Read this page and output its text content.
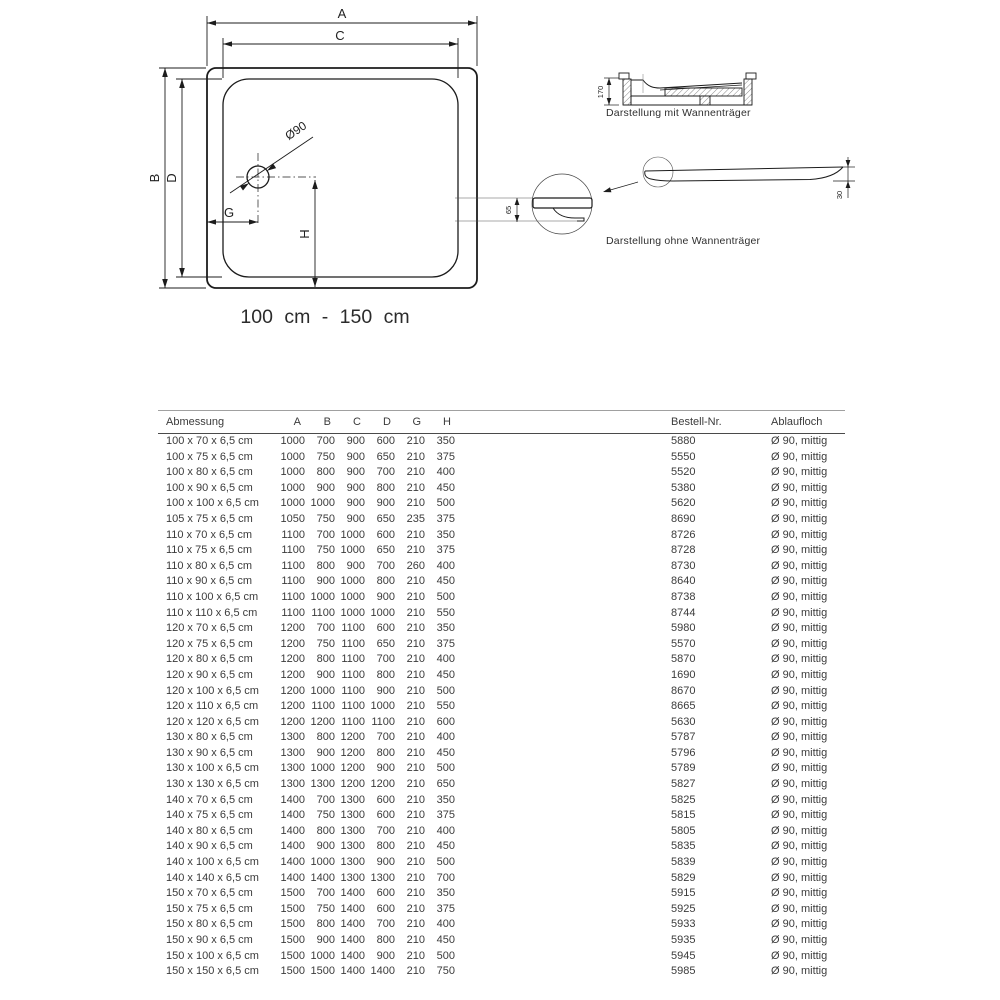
A
C
B D
G
H
Ø90
100 cm - 150 cm
170
Darstellung mit Wannenträger
65
30
Darstellung ohne Wannenträger
Abmessung	A	B	C	D	G	H		Bestell-Nr.	Ablaufloch
100 x 70 x 6,5 cm	1000	700	900	600	210	350		5880	Ø 90, mittig
100 x 75 x 6,5 cm	1000	750	900	650	210	375		5550	Ø 90, mittig
100 x 80 x 6,5 cm	1000	800	900	700	210	400		5520	Ø 90, mittig
100 x 90 x 6,5 cm	1000	900	900	800	210	450		5380	Ø 90, mittig
100 x 100 x 6,5 cm	1000	1000	900	900	210	500		5620	Ø 90, mittig
105 x 75 x 6,5 cm	1050	750	900	650	235	375		8690	Ø 90, mittig
110 x 70 x 6,5 cm	1100	700	1000	600	210	350		8726	Ø 90, mittig
110 x 75 x 6,5 cm	1100	750	1000	650	210	375		8728	Ø 90, mittig
110 x 80 x 6,5 cm	1100	800	900	700	260	400		8730	Ø 90, mittig
110 x 90 x 6,5 cm	1100	900	1000	800	210	450		8640	Ø 90, mittig
110 x 100 x 6,5 cm	1100	1000	1000	900	210	500		8738	Ø 90, mittig
110 x 110 x 6,5 cm	1100	1100	1000	1000	210	550		8744	Ø 90, mittig
120 x 70 x 6,5 cm	1200	700	1100	600	210	350		5980	Ø 90, mittig
120 x 75 x 6,5 cm	1200	750	1100	650	210	375		5570	Ø 90, mittig
120 x 80 x 6,5 cm	1200	800	1100	700	210	400		5870	Ø 90, mittig
120 x 90 x 6,5 cm	1200	900	1100	800	210	450		1690	Ø 90, mittig
120 x 100 x 6,5 cm	1200	1000	1100	900	210	500		8670	Ø 90, mittig
120 x 110 x 6,5 cm	1200	1100	1100	1000	210	550		8665	Ø 90, mittig
120 x 120 x 6,5 cm	1200	1200	1100	1100	210	600		5630	Ø 90, mittig
130 x 80 x 6,5 cm	1300	800	1200	700	210	400		5787	Ø 90, mittig
130 x 90 x 6,5 cm	1300	900	1200	800	210	450		5796	Ø 90, mittig
130 x 100 x 6,5 cm	1300	1000	1200	900	210	500		5789	Ø 90, mittig
130 x 130 x 6,5 cm	1300	1300	1200	1200	210	650		5827	Ø 90, mittig
140 x 70 x 6,5 cm	1400	700	1300	600	210	350		5825	Ø 90, mittig
140 x 75 x 6,5 cm	1400	750	1300	600	210	375		5815	Ø 90, mittig
140 x 80 x 6,5 cm	1400	800	1300	700	210	400		5805	Ø 90, mittig
140 x 90 x 6,5 cm	1400	900	1300	800	210	450		5835	Ø 90, mittig
140 x 100 x 6,5 cm	1400	1000	1300	900	210	500		5839	Ø 90, mittig
140 x 140 x 6,5 cm	1400	1400	1300	1300	210	700		5829	Ø 90, mittig
150 x 70 x 6,5 cm	1500	700	1400	600	210	350		5915	Ø 90, mittig
150 x 75 x 6,5 cm	1500	750	1400	600	210	375		5925	Ø 90, mittig
150 x 80 x 6,5 cm	1500	800	1400	700	210	400		5933	Ø 90, mittig
150 x 90 x 6,5 cm	1500	900	1400	800	210	450		5935	Ø 90, mittig
150 x 100 x 6,5 cm	1500	1000	1400	900	210	500		5945	Ø 90, mittig
150 x 150 x 6,5 cm	1500	1500	1400	1400	210	750		5985	Ø 90, mittig
